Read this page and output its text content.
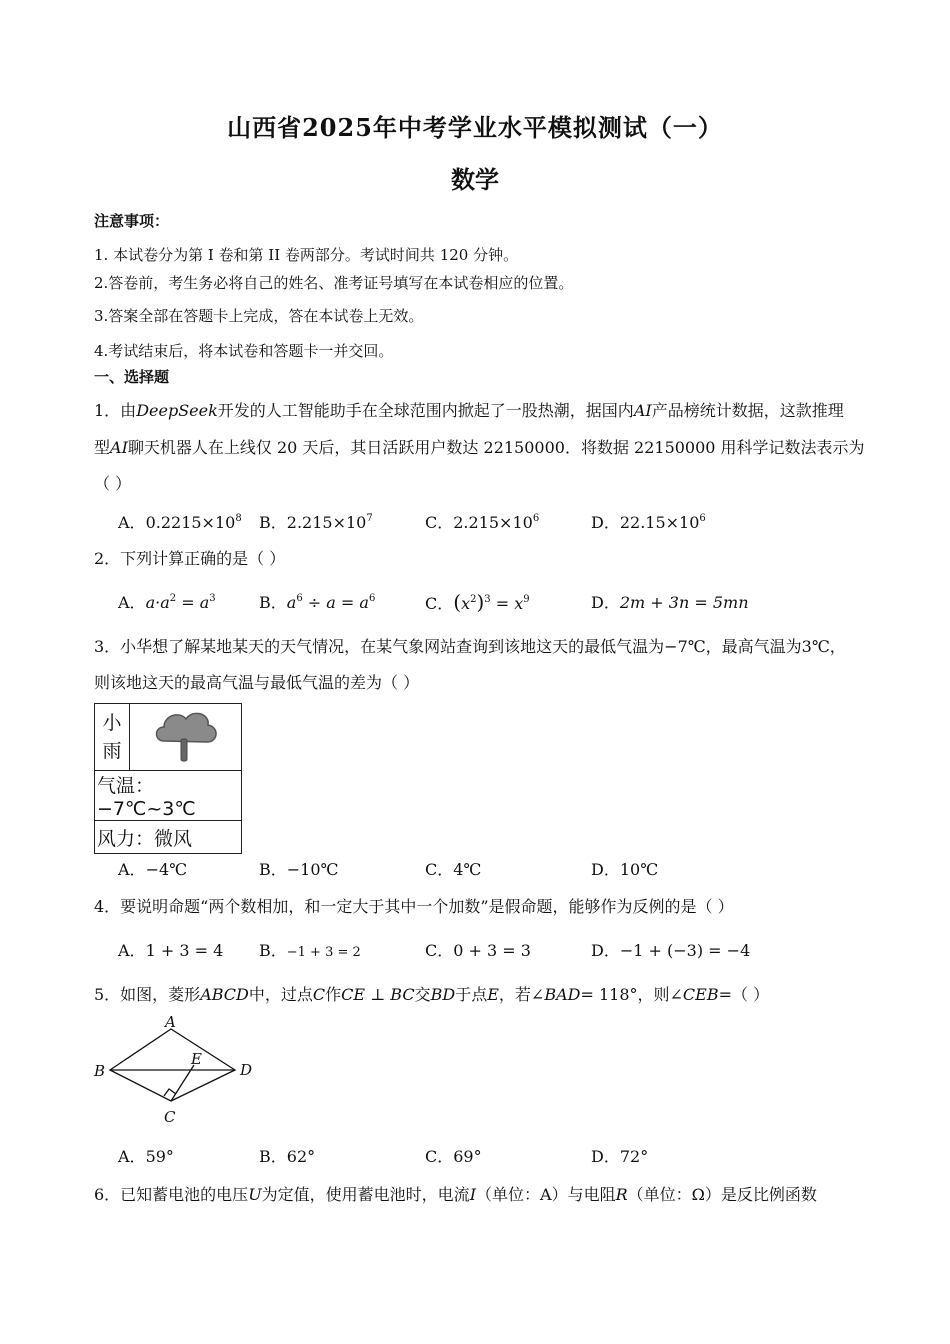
山西省2025年中考学业水平模拟测试（一）
数学
注意事项：
1. 本试卷分为第 I 卷和第 II 卷两部分。考试时间共 120 分钟。
2.答卷前，考生务必将自己的姓名、准考证号填写在本试卷相应的位置。
3.答案全部在答题卡上完成，答在本试卷上无效。
4.考试结束后，将本试卷和答题卡一并交回。
一、选择题
1．由DeepSeek开发的人工智能助手在全球范围内掀起了一股热潮，据国内AI产品榜统计数据，这款推理
型AI聊天机器人在上线仅 20 天后，其日活跃用户数达 22150000．将数据 22150000 用科学记数法表示为
（ ）
A．$0.2215\times 10^8$ B．$2.215\times 10^7$	C．$2.215\times 10^6$	D．$22.15\times 10^6$
2．下列计算正确的是（ ）
A．$a\cdot a^2 = a^3$	B．$a^6 \div a = a^6$	C．$(x^2)^3 = x^9$	D．2m + 3n = 5mn
3．小华想了解某地某天的天气情况，在某气象网站查询到该地这天的最低气温为−7℃，最高气温为3℃，
则该地这天的最高气温与最低气温的差为（ ）
小
雨

气温：−7℃~3℃
风力：微风
A．−4℃	B．−10℃	C．4℃	D．10℃
4．要说明命题“两个数相加，和一定大于其中一个加数”是假命题，能够作为反例的是（ ）
A．1 + 3 = 4 B．−1 + 3 = 2	C．0 + 3 = 3	D．−1 + (−3) = −4
5．如图，菱形ABCD中，过点C作CE ⊥ BC交BD于点E，若∠BAD= 118°，则∠CEB=（ ）
A
B
C
D
E
A．59°	B．62°	C．69°	D．72°
6．已知蓄电池的电压U为定值，使用蓄电池时，电流I（单位：A）与电阻R（单位：Ω）是反比例函数
